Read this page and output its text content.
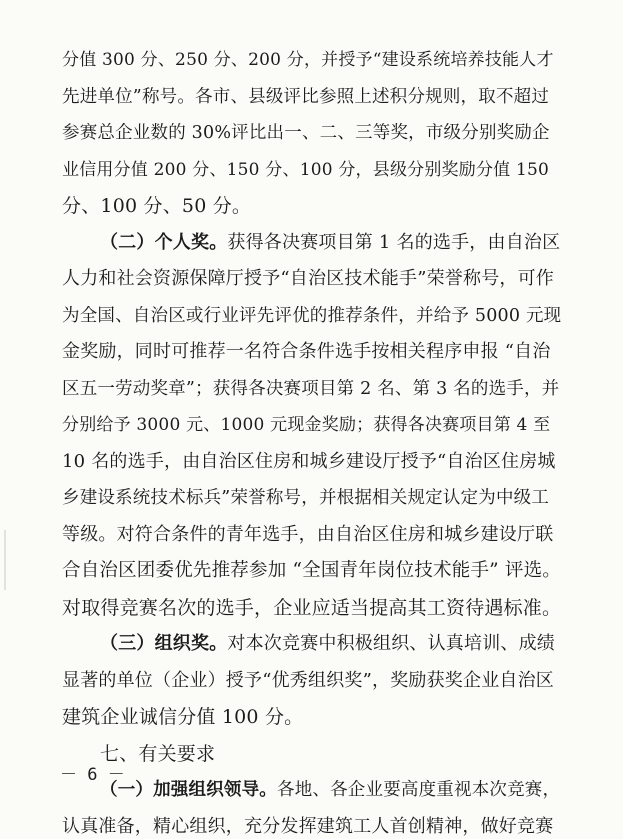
分值 300 分、250 分、200 分，并授予“建设系统培养技能人才
先进单位”称号。各市、县级评比参照上述积分规则，取不超过
参赛总企业数的 30%评比出一、二、三等奖，市级分别奖励企
业信用分值 200 分、150 分、100 分，县级分别奖励分值 150
分、100 分、50 分。
（二）个人奖。获得各决赛项目第 1 名的选手，由自治区
人力和社会资源保障厅授予“自治区技术能手”荣誉称号，可作
为全国、自治区或行业评先评优的推荐条件，并给予 5000 元现
金奖励，同时可推荐一名符合条件选手按相关程序申报 “自治
区五一劳动奖章”；获得各决赛项目第 2 名、第 3 名的选手，并
分别给予 3000 元、1000 元现金奖励；获得各决赛项目第 4 至
10 名的选手，由自治区住房和城乡建设厅授予“自治区住房城
乡建设系统技术标兵”荣誉称号，并根据相关规定认定为中级工
等级。对符合条件的青年选手，由自治区住房和城乡建设厅联
合自治区团委优先推荐参加 “全国青年岗位技术能手” 评选。
对取得竞赛名次的选手，企业应适当提高其工资待遇标准。
（三）组织奖。对本次竞赛中积极组织、认真培训、成绩
显著的单位（企业）授予“优秀组织奖”，奖励获奖企业自治区
建筑企业诚信分值 100 分。
七、有关要求
（一）加强组织领导。各地、各企业要高度重视本次竞赛，
认真准备，精心组织，充分发挥建筑工人首创精神，做好竞赛
－ 6 －
